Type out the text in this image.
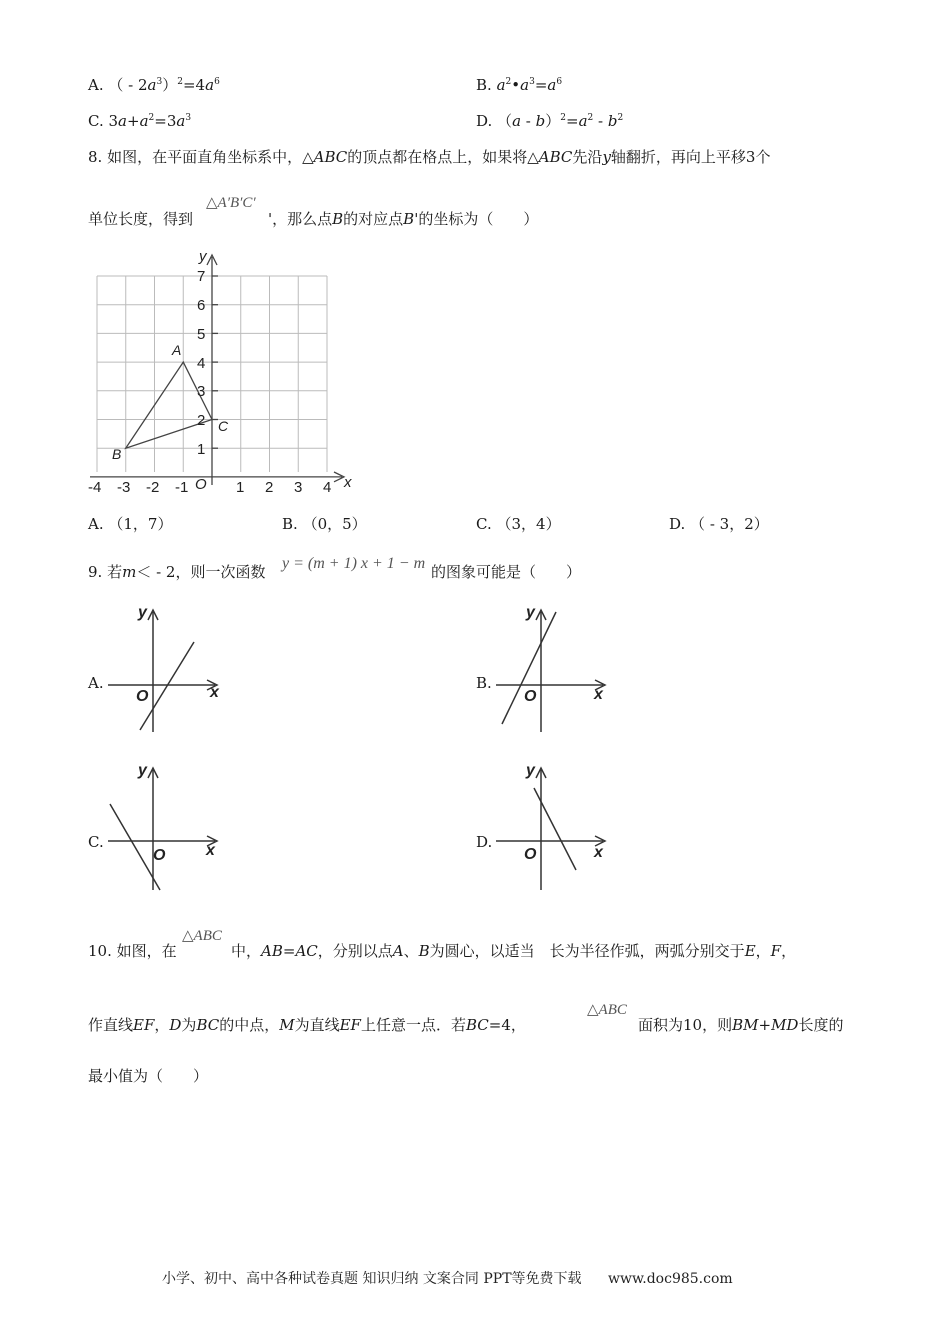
A. （ - $2a^3)^2=4a^6$	B. $a^2•a^3=a^6$
C. $3a+a^2=3a^3$	D. $(a - b)^2=a^2 - b^2$
8. 如图，在平面直角坐标系中，△ABC的顶点都在格点上，如果将△ABC先沿y轴翻折，再向上平移3个
△A′B′C′
单位长度，得到	'，那么点B的对应点B'的坐标为（　　）
y
x
O
1
2
3
4
5
6
7
-4 -3 -2 -1	1 2 3 4
A
B
C
A. （1，7）	B. （0，5）	C. （3，4）	D. （ - 3，2）
9. 若m＜ - 2，则一次函数 y = (m + 1) x + 1 − m 的图象可能是（　　）
A.
y
x
O
B.
y
x
O
C.
y
x
O
D.
y
x
O
△ABC
10. 如图，在	中，AB=AC，分别以点A、B为圆心，以适当　长为半径作弧，两弧分别交于E，F，
作直线EF，D为BC的中点，M为直线EF上任意一点．若BC=4，
△ABC
面积为10，则BM+MD长度的
最小值为（　　）
小学、初中、高中各种试卷真题 知识归纳 文案合同 PPT等免费下载 www.doc985.com
